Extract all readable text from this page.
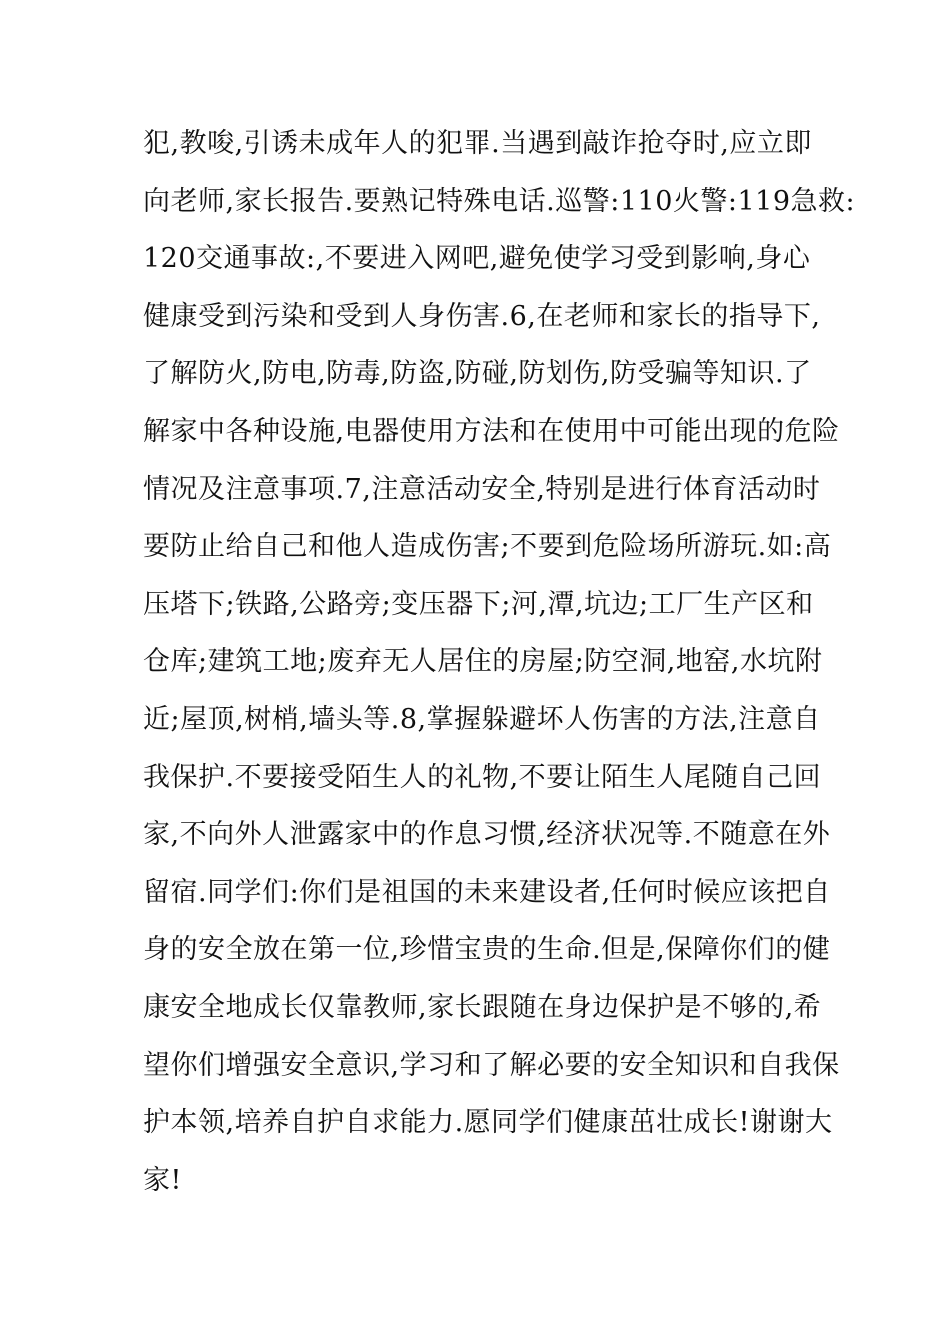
犯,教唆,引诱未成年人的犯罪.当遇到敲诈抢夺时,应立即
向老师,家长报告.要熟记特殊电话.巡警:110火警:119急救:
120交通事故:,不要进入网吧,避免使学习受到影响,身心
健康受到污染和受到人身伤害.6,在老师和家长的指导下,
了解防火,防电,防毒,防盗,防碰,防划伤,防受骗等知识.了
解家中各种设施,电器使用方法和在使用中可能出现的危险
情况及注意事项.7,注意活动安全,特别是进行体育活动时
要防止给自己和他人造成伤害;不要到危险场所游玩.如:高
压塔下;铁路,公路旁;变压器下;河,潭,坑边;工厂生产区和
仓库;建筑工地;废弃无人居住的房屋;防空洞,地窑,水坑附
近;屋顶,树梢,墙头等.8,掌握躲避坏人伤害的方法,注意自
我保护.不要接受陌生人的礼物,不要让陌生人尾随自己回
家,不向外人泄露家中的作息习惯,经济状况等.不随意在外
留宿.同学们:你们是祖国的未来建设者,任何时候应该把自
身的安全放在第一位,珍惜宝贵的生命.但是,保障你们的健
康安全地成长仅靠教师,家长跟随在身边保护是不够的,希
望你们增强安全意识,学习和了解必要的安全知识和自我保
护本领,培养自护自求能力.愿同学们健康茁壮成长!谢谢大
家!
